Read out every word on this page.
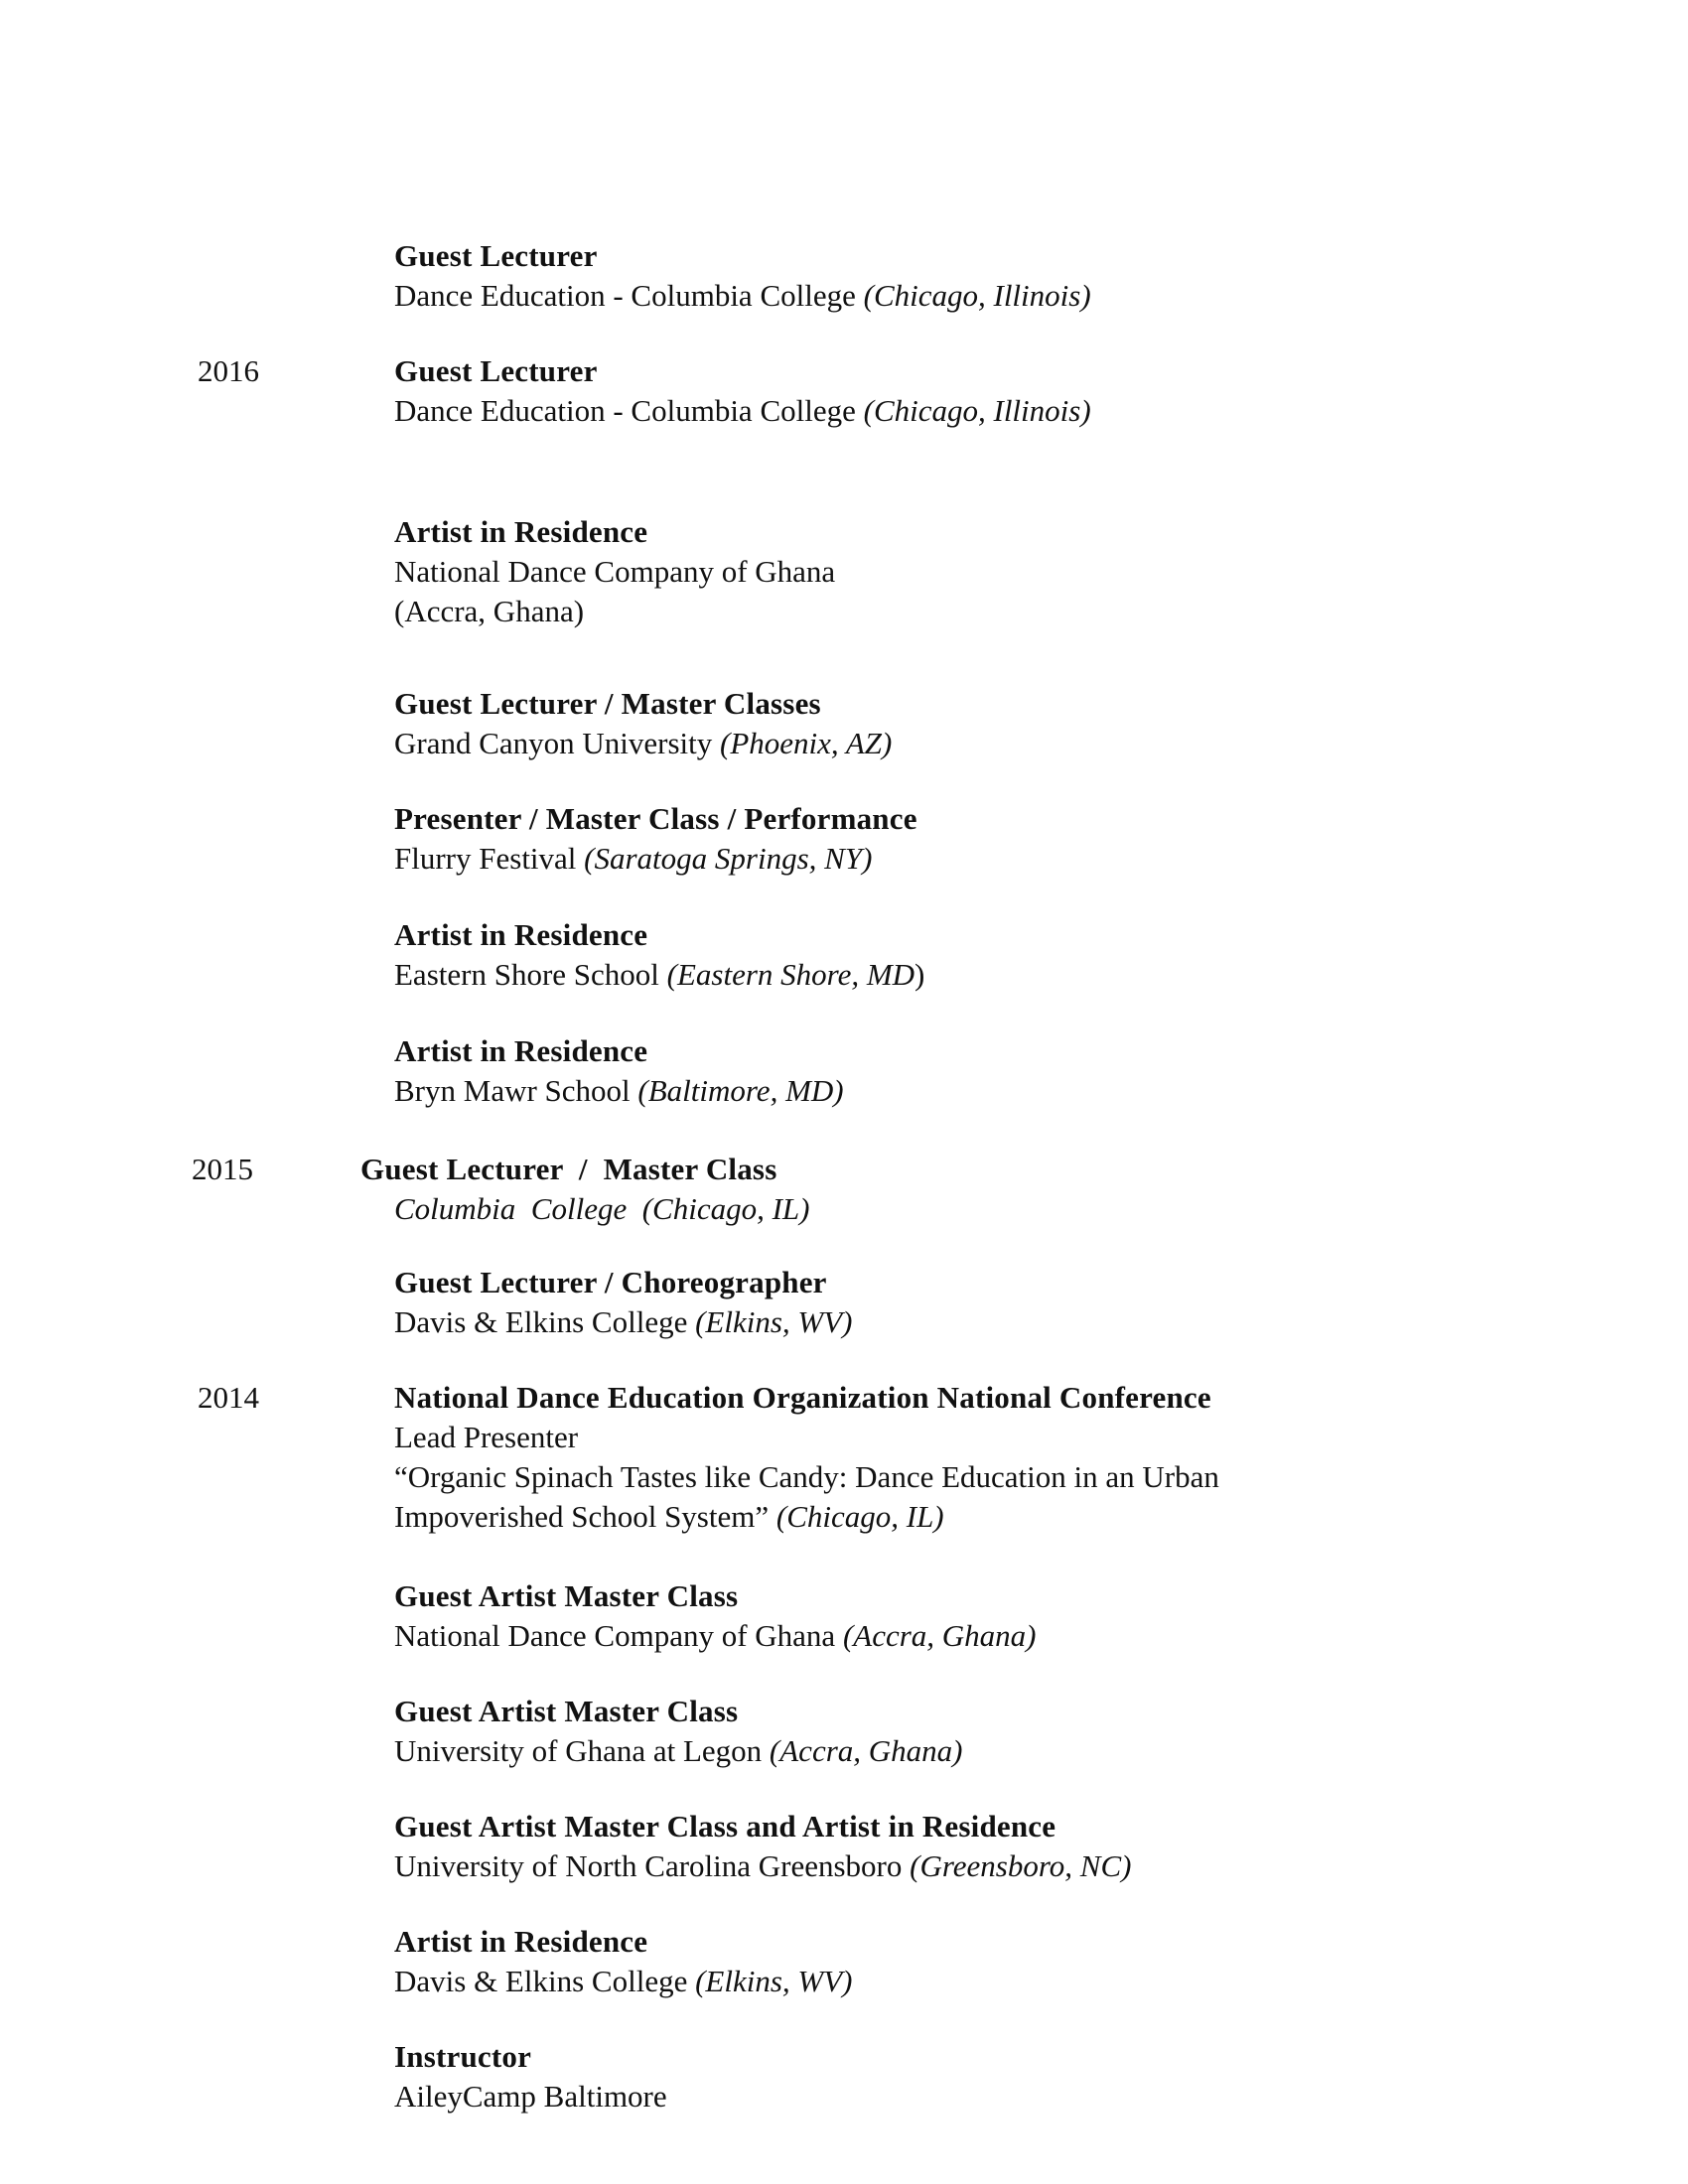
2016
2015
2014
Guest Lecturer
Dance Education - Columbia College (Chicago, Illinois)
Guest Lecturer
Dance Education - Columbia College (Chicago, Illinois)
Artist in Residence
National Dance Company of Ghana
(Accra, Ghana)
Guest Lecturer / Master Classes
Grand Canyon University (Phoenix, AZ)
Presenter / Master Class / Performance
Flurry Festival (Saratoga Springs, NY)
Artist in Residence
Eastern Shore School (Eastern Shore, MD)
Artist in Residence
Bryn Mawr School (Baltimore, MD)
Guest Lecturer  /  Master Class
Columbia  College  (Chicago, IL)
Guest Lecturer / Choreographer
Davis & Elkins College (Elkins, WV)
National Dance Education Organization National Conference
Lead Presenter
“Organic Spinach Tastes like Candy: Dance Education in an Urban
Impoverished School System” (Chicago, IL)
Guest Artist Master Class
National Dance Company of Ghana (Accra, Ghana)
Guest Artist Master Class
University of Ghana at Legon (Accra, Ghana)
Guest Artist Master Class and Artist in Residence
University of North Carolina Greensboro (Greensboro, NC)
Artist in Residence
Davis & Elkins College (Elkins, WV)
Instructor
AileyCamp Baltimore
